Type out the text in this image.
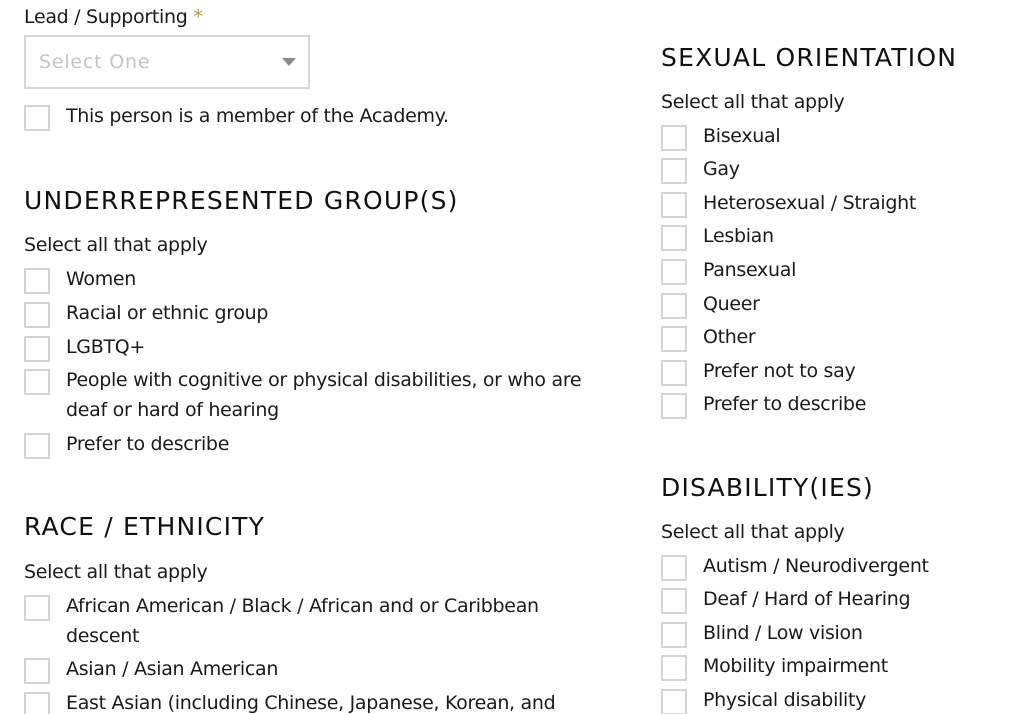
Lead / Supporting *
Select One
This person is a member of the Academy.
UNDERREPRESENTED GROUP(S)
Select all that apply
Women
Racial or ethnic group
LGBTQ+
People with cognitive or physical disabilities, or who are deaf or hard of hearing
Prefer to describe
RACE / ETHNICITY
Select all that apply
African American / Black / African and or Caribbean descent
Asian / Asian American
East Asian (including Chinese, Japanese, Korean, and
SEXUAL ORIENTATION
Select all that apply
Bisexual
Gay
Heterosexual / Straight
Lesbian
Pansexual
Queer
Other
Prefer not to say
Prefer to describe
DISABILITY(IES)
Select all that apply
Autism / Neurodivergent
Deaf / Hard of Hearing
Blind / Low vision
Mobility impairment
Physical disability
